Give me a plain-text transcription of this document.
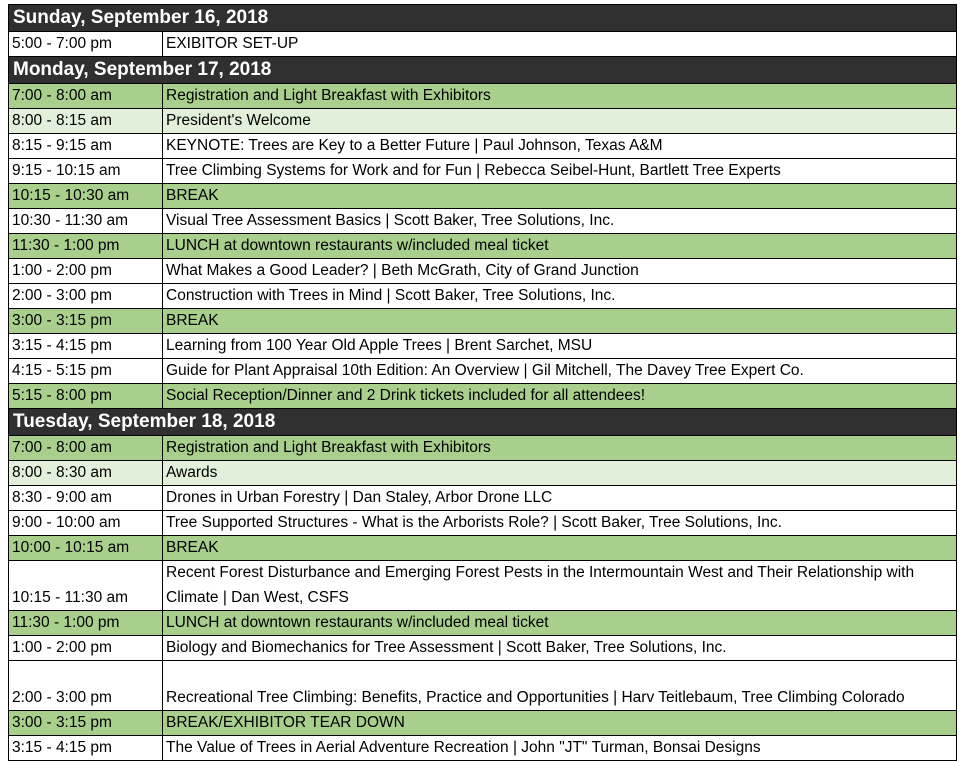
Sunday, September 16, 2018	
5:00 - 7:00 pm	EXIBITOR SET-UP
Monday, September 17, 2018	
7:00 - 8:00 am	Registration and Light Breakfast with Exhibitors
8:00 - 8:15 am	President's Welcome
8:15 - 9:15 am	KEYNOTE: Trees are Key to a Better Future | Paul Johnson, Texas A&M
9:15 - 10:15 am	Tree Climbing Systems for Work and for Fun | Rebecca Seibel-Hunt, Bartlett Tree Experts
10:15 - 10:30 am	BREAK
10:30 - 11:30 am	Visual Tree Assessment Basics | Scott Baker, Tree Solutions, Inc.
11:30 - 1:00 pm	LUNCH at downtown restaurants w/included meal ticket
1:00 - 2:00 pm	What Makes a Good Leader? | Beth McGrath, City of Grand Junction
2:00 - 3:00 pm	Construction with Trees in Mind | Scott Baker, Tree Solutions, Inc.
3:00 - 3:15 pm	BREAK
3:15 - 4:15 pm	Learning from 100 Year Old Apple Trees | Brent Sarchet, MSU
4:15 - 5:15 pm	Guide for Plant Appraisal 10th Edition: An Overview | Gil Mitchell, The Davey Tree Expert Co.
5:15 - 8:00 pm	Social Reception/Dinner and 2 Drink tickets included for all attendees!
Tuesday, September 18, 2018	
7:00 - 8:00 am	Registration and Light Breakfast with Exhibitors
8:00 - 8:30 am	Awards
8:30 - 9:00 am	Drones in Urban Forestry | Dan Staley, Arbor Drone LLC
9:00 - 10:00 am	Tree Supported Structures - What is the Arborists Role? | Scott Baker, Tree Solutions, Inc.
10:00 - 10:15 am	BREAK
10:15 - 11:30 am	Recent Forest Disturbance and Emerging Forest Pests in the Intermountain West and Their Relationship with Climate | Dan West, CSFS
11:30 - 1:00 pm	LUNCH at downtown restaurants w/included meal ticket
1:00 - 2:00 pm	Biology and Biomechanics for Tree Assessment | Scott Baker, Tree Solutions, Inc.
2:00 - 3:00 pm	Recreational Tree Climbing: Benefits, Practice and Opportunities | Harv Teitlebaum, Tree Climbing Colorado
3:00 - 3:15 pm	BREAK/EXHIBITOR TEAR DOWN
3:15 - 4:15 pm	The Value of Trees in Aerial Adventure Recreation | John "JT" Turman, Bonsai Designs
